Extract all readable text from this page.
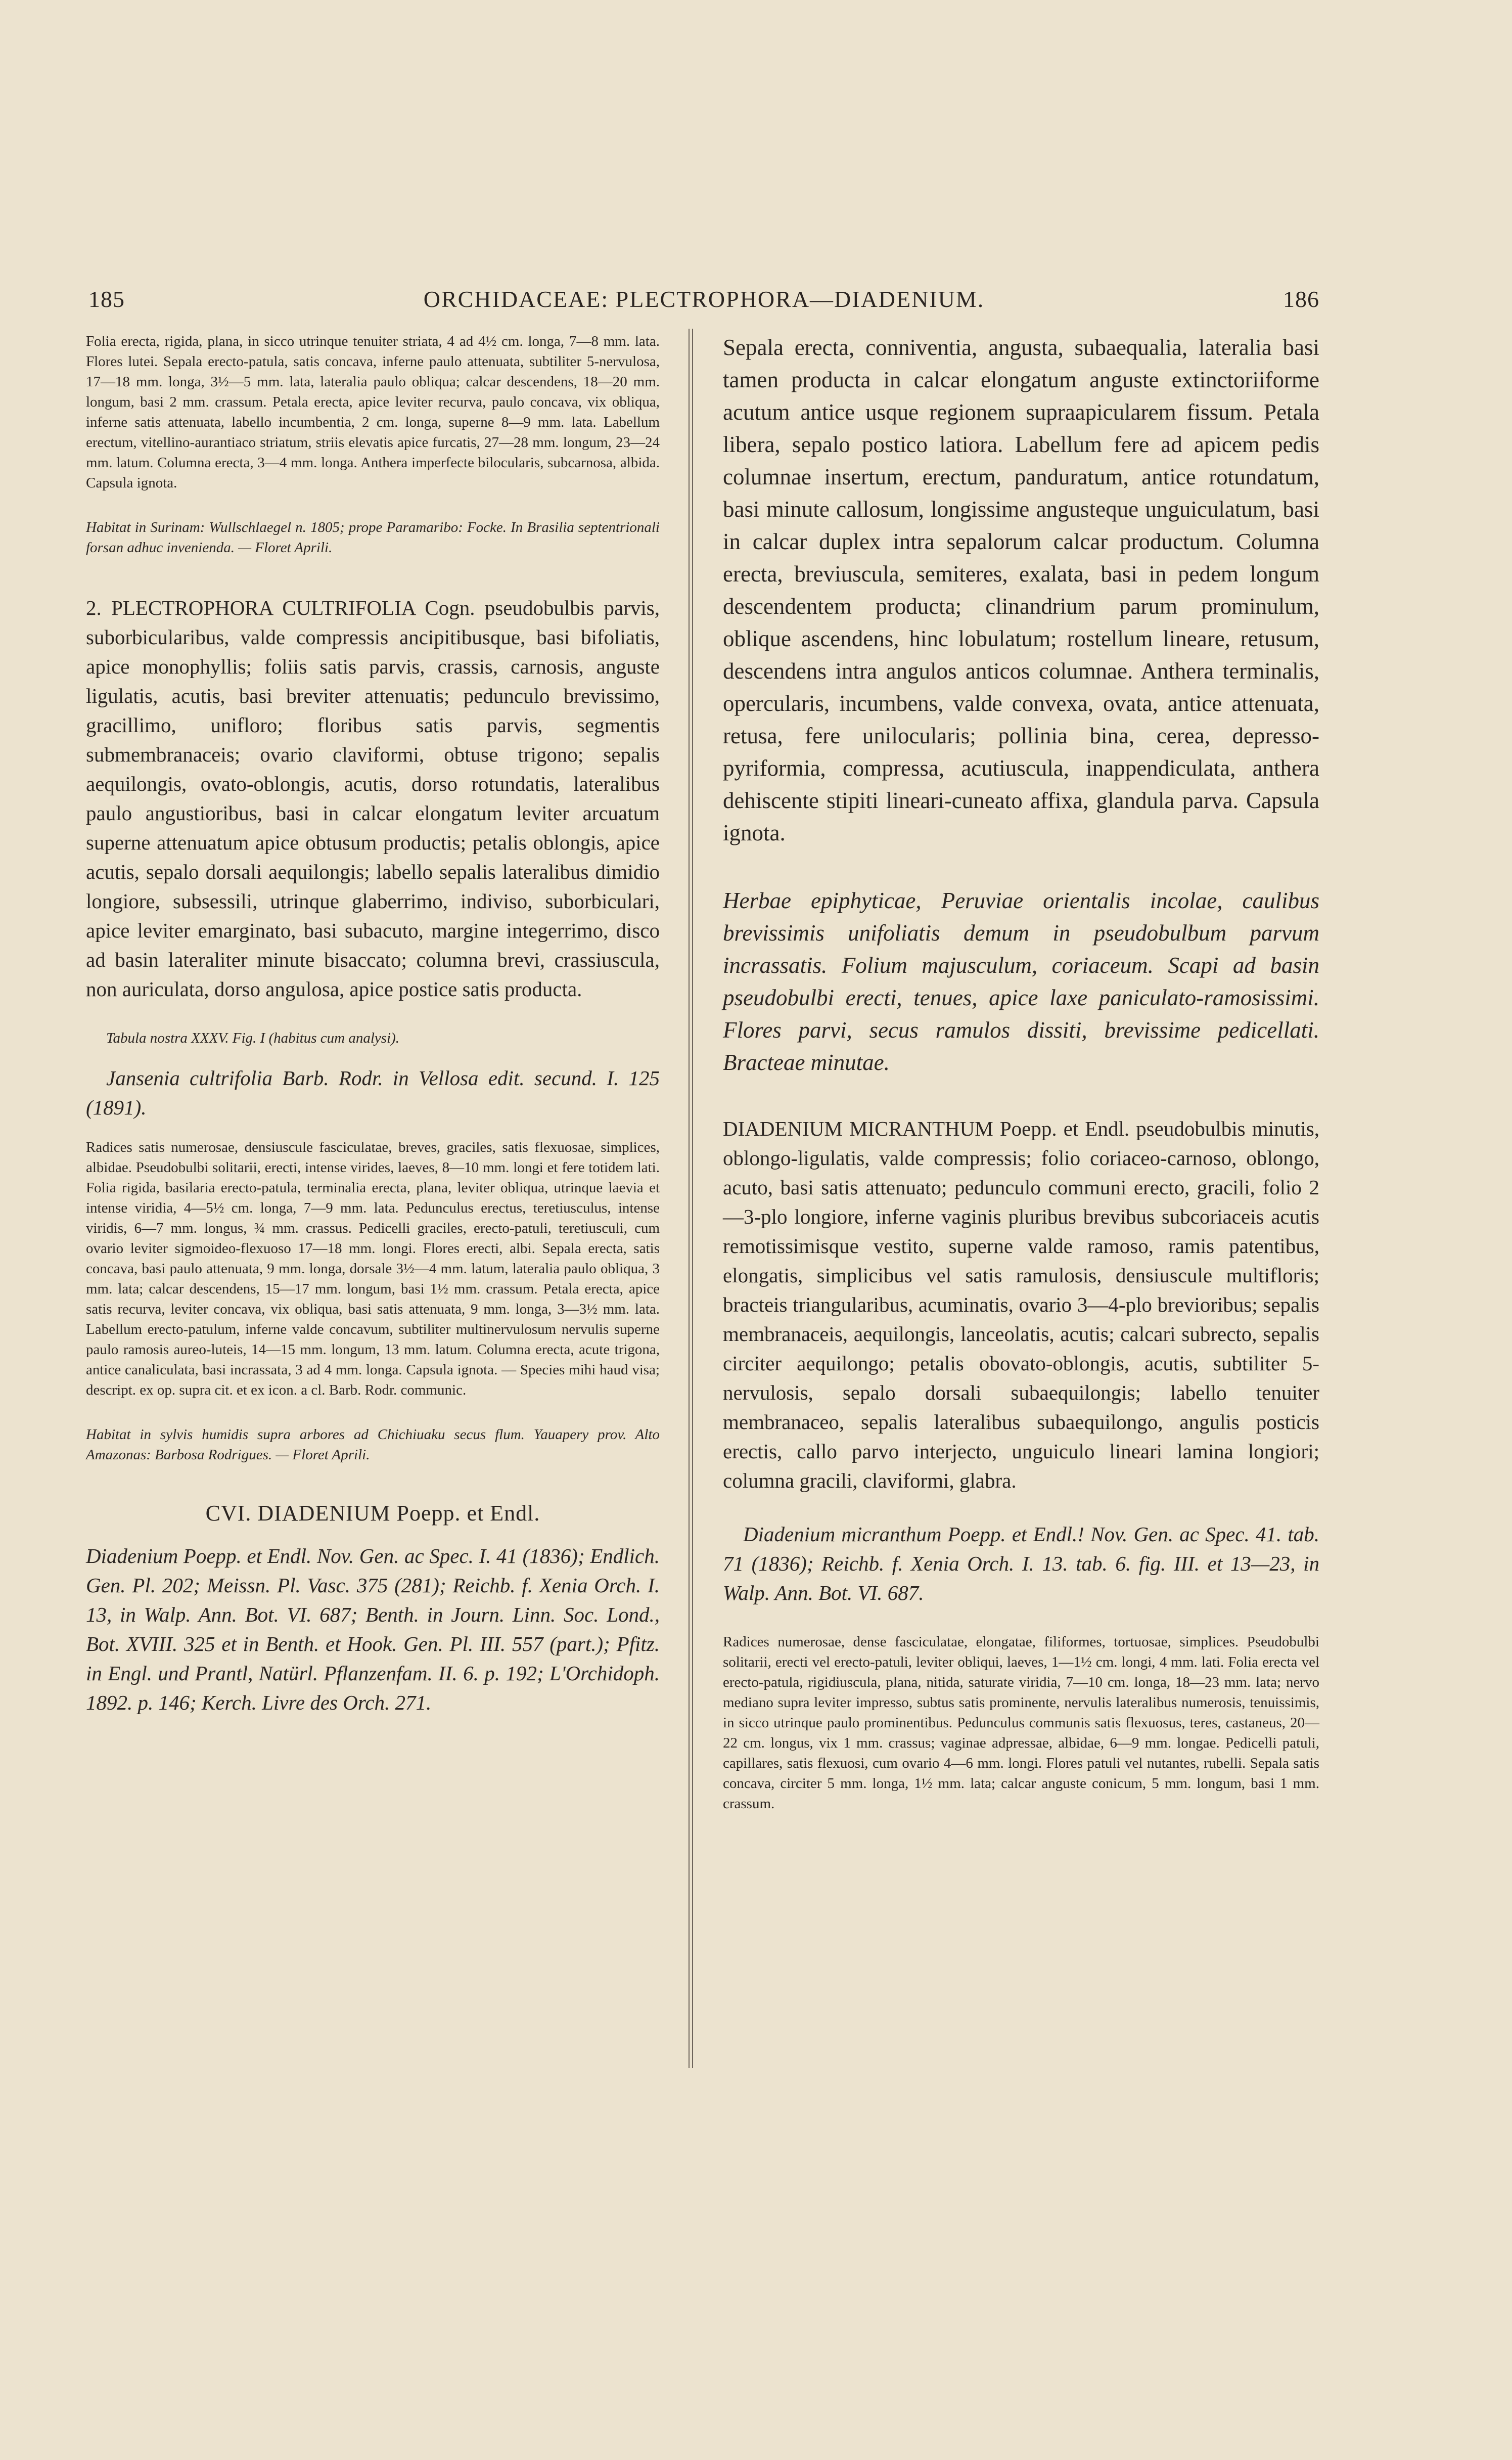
185	ORCHIDACEAE: PLECTROPHORA—DIADENIUM.	186

Folia erecta, rigida, plana, in sicco utrinque tenuiter striata, 4 ad 4½ cm. longa, 7—8 mm. lata. Flores lutei. Sepala erecto-patula, satis concava, inferne paulo attenuata, subtiliter 5-nervulosa, 17—18 mm. longa, 3½—5 mm. lata, lateralia paulo obliqua; calcar descendens, 18—20 mm. longum, basi 2 mm. crassum. Petala erecta, apice leviter recurva, paulo concava, vix obliqua, inferne satis attenuata, labello incumbentia, 2 cm. longa, superne 8—9 mm. lata. Labellum erectum, vitellino-aurantiaco striatum, striis elevatis apice furcatis, 27—28 mm. longum, 23—24 mm. latum. Columna erecta, 3—4 mm. longa. Anthera imperfecte bilocularis, subcarnosa, albida. Capsula ignota.

Habitat in Surinam: Wullschlaegel n. 1805; prope Paramaribo: Focke. In Brasilia septentrionali forsan adhuc invenienda. — Floret Aprili.

2. PLECTROPHORA CULTRIFOLIA Cogn. pseudobulbis parvis, suborbicularibus, valde compressis ancipitibusque, basi bifoliatis, apice monophyllis; foliis satis parvis, crassis, carnosis, anguste ligulatis, acutis, basi breviter attenuatis; pedunculo brevissimo, gracillimo, unifloro; floribus satis parvis, segmentis submembranaceis; ovario claviformi, obtuse trigono; sepalis aequilongis, ovato-oblongis, acutis, dorso rotundatis, lateralibus paulo angustioribus, basi in calcar elongatum leviter arcuatum superne attenuatum apice obtusum productis; petalis oblongis, apice acutis, sepalo dorsali aequilongis; labello sepalis lateralibus dimidio longiore, subsessili, utrinque glaberrimo, indiviso, suborbiculari, apice leviter emarginato, basi subacuto, margine integerrimo, disco ad basin lateraliter minute bisaccato; columna brevi, crassiuscula, non auriculata, dorso angulosa, apice postice satis producta.

Tabula nostra XXXV. Fig. I (habitus cum analysi).

Jansenia cultrifolia Barb. Rodr. in Vellosa edit. secund. I. 125 (1891).

Radices satis numerosae, densiuscule fasciculatae, breves, graciles, satis flexuosae, simplices, albidae. Pseudobulbi solitarii, erecti, intense virides, laeves, 8—10 mm. longi et fere totidem lati. Folia rigida, basilaria erecto-patula, terminalia erecta, plana, leviter obliqua, utrinque laevia et intense viridia, 4—5½ cm. longa, 7—9 mm. lata. Pedunculus erectus, teretiusculus, intense viridis, 6—7 mm. longus, ¾ mm. crassus. Pedicelli graciles, erecto-patuli, teretiusculi, cum ovario leviter sigmoideo-flexuoso 17—18 mm. longi. Flores erecti, albi. Sepala erecta, satis concava, basi paulo attenuata, 9 mm. longa, dorsale 3½—4 mm. latum, lateralia paulo obliqua, 3 mm. lata; calcar descendens, 15—17 mm. longum, basi 1½ mm. crassum. Petala erecta, apice satis recurva, leviter concava, vix obliqua, basi satis attenuata, 9 mm. longa, 3—3½ mm. lata. Labellum erecto-patulum, inferne valde concavum, subtiliter multinervulosum nervulis superne paulo ramosis aureo-luteis, 14—15 mm. longum, 13 mm. latum. Columna erecta, acute trigona, antice canaliculata, basi incrassata, 3 ad 4 mm. longa. Capsula ignota. — Species mihi haud visa; descript. ex op. supra cit. et ex icon. a cl. Barb. Rodr. communic.

Habitat in sylvis humidis supra arbores ad Chichiuaku secus flum. Yauapery prov. Alto Amazonas: Barbosa Rodrigues. — Floret Aprili.

CVI. DIADENIUM Poepp. et Endl.

Diadenium Poepp. et Endl. Nov. Gen. ac Spec. I. 41 (1836); Endlich. Gen. Pl. 202; Meissn. Pl. Vasc. 375 (281); Reichb. f. Xenia Orch. I. 13, in Walp. Ann. Bot. VI. 687; Benth. in Journ. Linn. Soc. Lond., Bot. XVIII. 325 et in Benth. et Hook. Gen. Pl. III. 557 (part.); Pfitz. in Engl. und Prantl, Natürl. Pflanzenfam. II. 6. p. 192; L'Orchidoph. 1892. p. 146; Kerch. Livre des Orch. 271.

Sepala erecta, conniventia, angusta, subaequalia, lateralia basi tamen producta in calcar elongatum anguste extinctoriiforme acutum antice usque regionem supraapicularem fissum. Petala libera, sepalo postico latiora. Labellum fere ad apicem pedis columnae insertum, erectum, panduratum, antice rotundatum, basi minute callosum, longissime angusteque unguiculatum, basi in calcar duplex intra sepalorum calcar productum. Columna erecta, breviuscula, semiteres, exalata, basi in pedem longum descendentem producta; clinandrium parum prominulum, oblique ascendens, hinc lobulatum; rostellum lineare, retusum, descendens intra angulos anticos columnae. Anthera terminalis, opercularis, incumbens, valde convexa, ovata, antice attenuata, retusa, fere unilocularis; pollinia bina, cerea, depresso-pyriformia, compressa, acutiuscula, inappendiculata, anthera dehiscente stipiti lineari-cuneato affixa, glandula parva. Capsula ignota.

Herbae epiphyticae, Peruviae orientalis incolae, caulibus brevissimis unifoliatis demum in pseudobulbum parvum incrassatis. Folium majusculum, coriaceum. Scapi ad basin pseudobulbi erecti, tenues, apice laxe paniculato-ramosissimi. Flores parvi, secus ramulos dissiti, brevissime pedicellati. Bracteae minutae.

DIADENIUM MICRANTHUM Poepp. et Endl. pseudobulbis minutis, oblongo-ligulatis, valde compressis; folio coriaceo-carnoso, oblongo, acuto, basi satis attenuato; pedunculo communi erecto, gracili, folio 2—3-plo longiore, inferne vaginis pluribus brevibus subcoriaceis acutis remotissimisque vestito, superne valde ramoso, ramis patentibus, elongatis, simplicibus vel satis ramulosis, densiuscule multifloris; bracteis triangularibus, acuminatis, ovario 3—4-plo brevioribus; sepalis membranaceis, aequilongis, lanceolatis, acutis; calcari subrecto, sepalis circiter aequilongo; petalis obovato-oblongis, acutis, subtiliter 5-nervulosis, sepalo dorsali subaequilongis; labello tenuiter membranaceo, sepalis lateralibus subaequilongo, angulis posticis erectis, callo parvo interjecto, unguiculo lineari lamina longiori; columna gracili, claviformi, glabra.

Diadenium micranthum Poepp. et Endl.! Nov. Gen. ac Spec. 41. tab. 71 (1836); Reichb. f. Xenia Orch. I. 13. tab. 6. fig. III. et 13—23, in Walp. Ann. Bot. VI. 687.

Radices numerosae, dense fasciculatae, elongatae, filiformes, tortuosae, simplices. Pseudobulbi solitarii, erecti vel erecto-patuli, leviter obliqui, laeves, 1—1½ cm. longi, 4 mm. lati. Folia erecta vel erecto-patula, rigidiuscula, plana, nitida, saturate viridia, 7—10 cm. longa, 18—23 mm. lata; nervo mediano supra leviter impresso, subtus satis prominente, nervulis lateralibus numerosis, tenuissimis, in sicco utrinque paulo prominentibus. Pedunculus communis satis flexuosus, teres, castaneus, 20—22 cm. longus, vix 1 mm. crassus; vaginae adpressae, albidae, 6—9 mm. longae. Pedicelli patuli, capillares, satis flexuosi, cum ovario 4—6 mm. longi. Flores patuli vel nutantes, rubelli. Sepala satis concava, circiter 5 mm. longa, 1½ mm. lata; calcar anguste conicum, 5 mm. longum, basi 1 mm. crassum.
